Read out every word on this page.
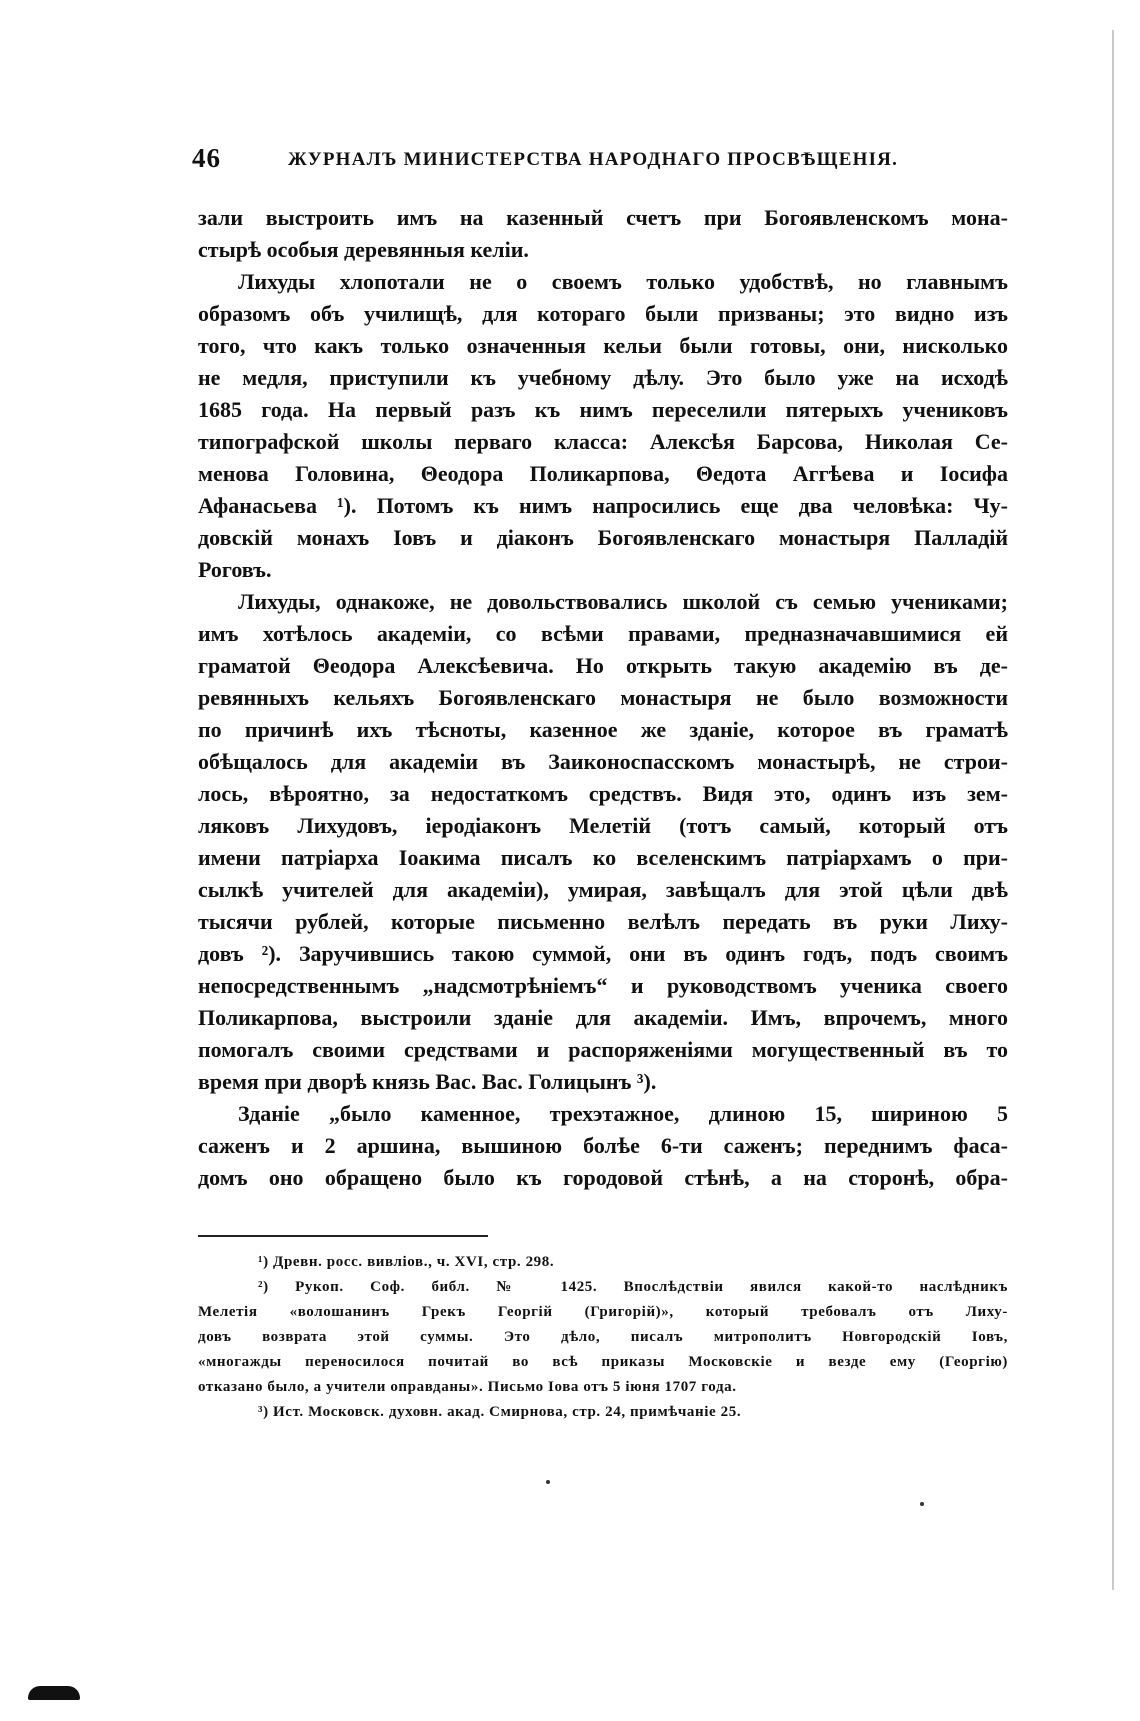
46	ЖУРНАЛЪ МИНИСТЕРСТВА НАРОДНАГО ПРОСВѢЩЕНІЯ.
зали выстроить имъ на казенный счетъ при Богоявленскомъ мона-
стырѣ особыя деревянныя келіи.
Лихуды хлопотали не о своемъ только удобствѣ, но главнымъ
образомъ объ училищѣ, для котораго были призваны; это видно изъ
того, что какъ только означенныя кельи были готовы, они, нисколько
не медля, приступили къ учебному дѣлу. Это было уже на исходѣ
1685 года. На первый разъ къ нимъ переселили пятерыхъ учениковъ
типографской школы перваго класса: Алексѣя Барсова, Николая Се-
менова Головина, Θеодора Поликарпова, Θедота Аггѣева и Іосифа
Афанасьева ¹). Потомъ къ нимъ напросились еще два человѣка: Чу-
довскій монахъ Іовъ и діаконъ Богоявленскаго монастыря Палладій
Роговъ.
Лихуды, однакоже, не довольствовались школой съ семью учениками;
имъ хотѣлось академіи, со всѣми правами, предназначавшимися ей
граматой Θеодора Алексѣевича. Но открыть такую академію въ де-
ревянныхъ кельяхъ Богоявленскаго монастыря не было возможности
по причинѣ ихъ тѣсноты, казенное же зданіе, которое въ граматѣ
обѣщалось для академіи въ Заиконоспасскомъ монастырѣ, не строи-
лось, вѣроятно, за недостаткомъ средствъ. Видя это, одинъ изъ зем-
ляковъ Лихудовъ, іеродіаконъ Мелетій (тотъ самый, который отъ
имени патріарха Іоакима писалъ ко вселенскимъ патріархамъ о при-
сылкѣ учителей для академіи), умирая, завѣщалъ для этой цѣли двѣ
тысячи рублей, которые письменно велѣлъ передать въ руки Лиху-
довъ ²). Заручившись такою суммой, они въ одинъ годъ, подъ своимъ
непосредственнымъ „надсмотрѣніемъ“ и руководствомъ ученика своего
Поликарпова, выстроили зданіе для академіи. Имъ, впрочемъ, много
помогалъ своими средствами и распоряженіями могущественный въ то
время при дворѣ князь Вас. Вас. Голицынъ ³).
Зданіе „было каменное, трехэтажное, длиною 15, шириною 5
саженъ и 2 аршина, вышиною болѣе 6-ти саженъ; переднимъ фаса-
домъ оно обращено было къ городовой стѣнѣ, а на сторонѣ, обра-
¹) Древн. росс. вивліов., ч. XVI, стр. 298.
²) Рукоп. Соф. библ. № 1425. Впослѣдствіи явился какой-то наслѣдникъ
Мелетія «волошанинъ Грекъ Георгій (Григорій)», который требовалъ отъ Лиху-
довъ возврата этой суммы. Это дѣло, писалъ митрополитъ Новгородскій Іовъ,
«многажды переносилося почитай во всѣ приказы Московскіе и везде ему (Георгію)
отказано было, а учители оправданы». Письмо Іова отъ 5 іюня 1707 года.
³) Ист. Московск. духовн. акад. Смирнова, стр. 24, примѣчаніе 25.
